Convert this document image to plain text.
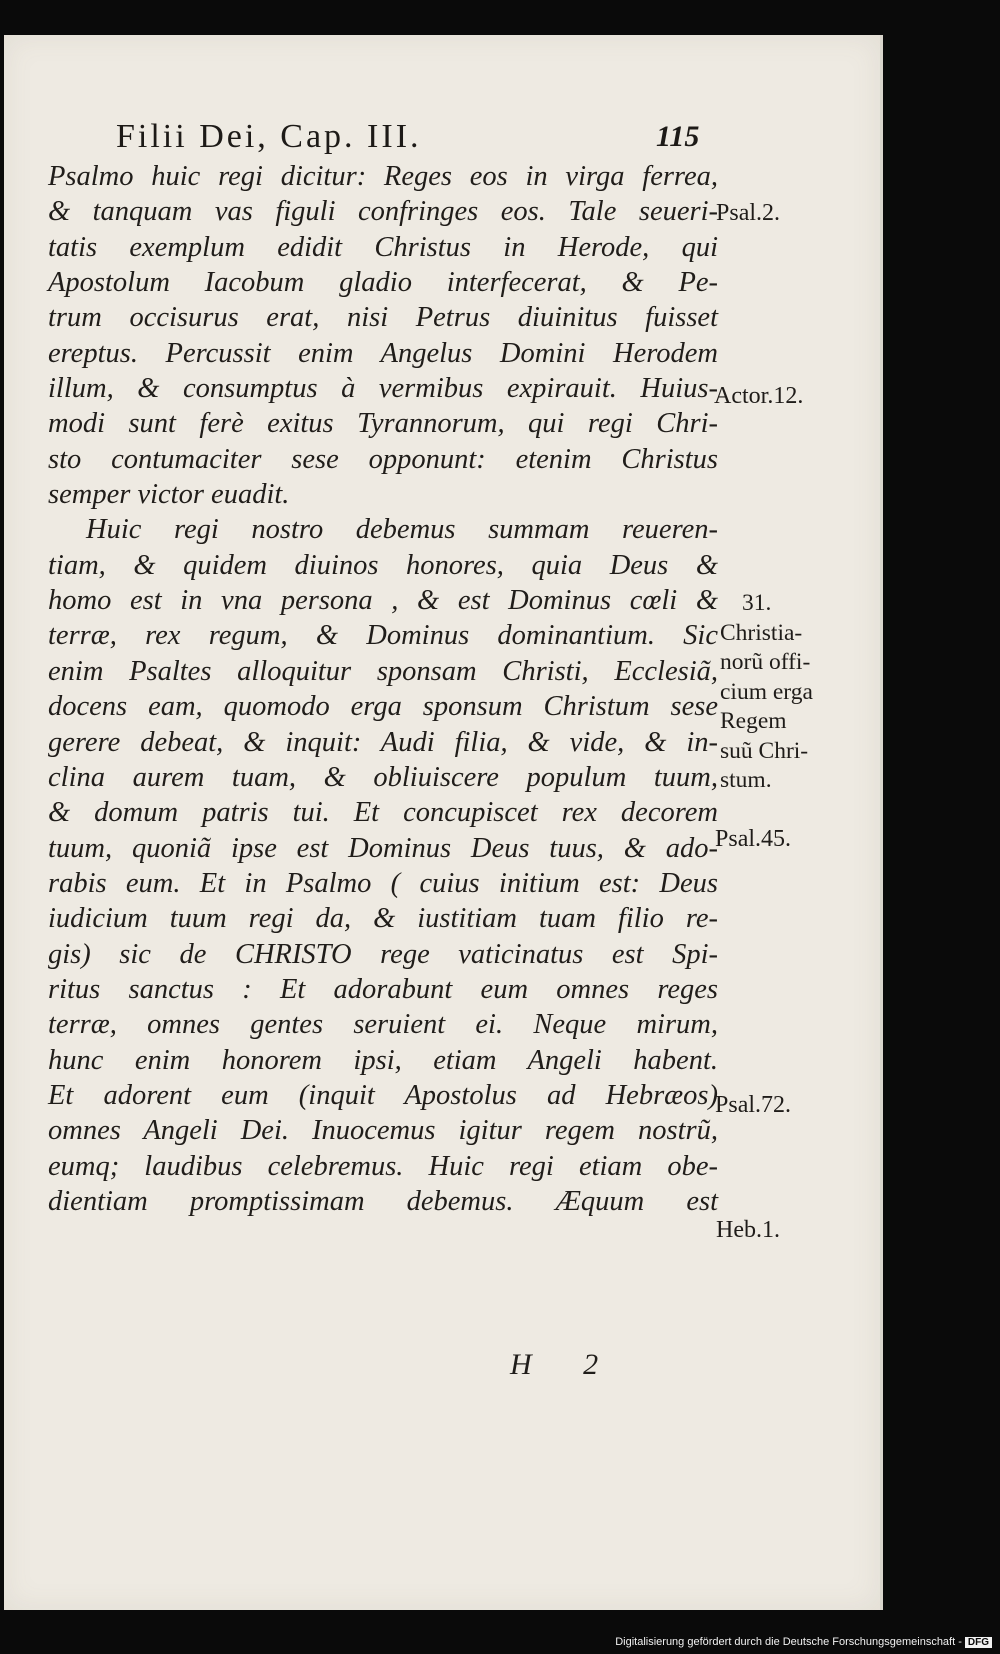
Filii Dei, Cap. III.	115
Psalmo huic regi dicitur: Reges eos in virga ferrea,
& tanquam vas figuli confringes eos. Tale seueri-
tatis exemplum edidit Christus in Herode, qui
Apostolum Iacobum gladio interfecerat, & Pe-
trum occisurus erat, nisi Petrus diuinitus fuisset
ereptus. Percussit enim Angelus Domini Herodem
illum, & consumptus à vermibus expirauit. Huius-
modi sunt ferè exitus Tyrannorum, qui regi Chri-
sto contumaciter sese opponunt: etenim Christus
semper victor euadit.
Huic regi nostro debemus summam reueren-
tiam, & quidem diuinos honores, quia Deus &
homo est in vna persona , & est Dominus cœli &
terræ, rex regum, & Dominus dominantium. Sic
enim Psaltes alloquitur sponsam Christi, Ecclesiã,
docens eam, quomodo erga sponsum Christum sese
gerere debeat, & inquit: Audi filia, & vide, & in-
clina aurem tuam, & obliuiscere populum tuum,
& domum patris tui. Et concupiscet rex decorem
tuum, quoniã ipse est Dominus Deus tuus, & ado-
rabis eum. Et in Psalmo ( cuius initium est: Deus
iudicium tuum regi da, & iustitiam tuam filio re-
gis) sic de CHRISTO rege vaticinatus est Spi-
ritus sanctus : Et adorabunt eum omnes reges
terræ, omnes gentes seruient ei. Neque mirum,
hunc enim honorem ipsi, etiam Angeli habent.
Et adorent eum (inquit Apostolus ad Hebræos)
omnes Angeli Dei. Inuocemus igitur regem nostrũ,
eumq; laudibus celebremus. Huic regi etiam obe-
dientiam promptissimam debemus. Æquum est
H 2
Psal.2.
Actor.12.
31.
Christia-
norũ offi-
cium erga
Regem
suũ Chri-
stum.
Psal.45.
Psal.72.
Heb.1.
Digitalisierung gefördert durch die Deutsche Forschungsgemeinschaft - DFG
